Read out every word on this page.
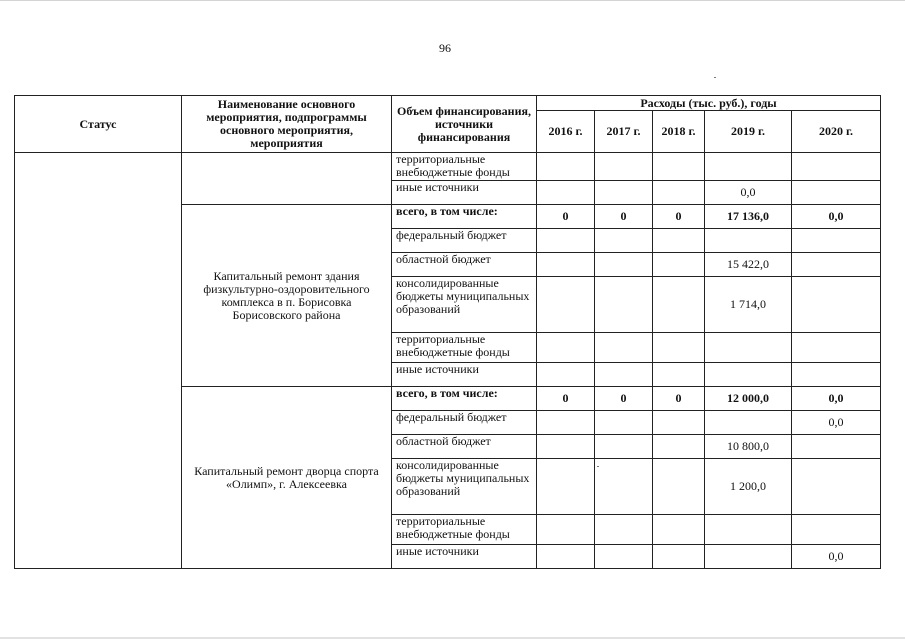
96
Статус	Наименование основного мероприятия, подпрограммы основного мероприятия, мероприятия	Объем финансирования, источники финансирования	Расходы (тыс. руб.), годы				
			2016 г.	2017 г.	2018 г.	2019 г.	2020 г.
		территориальные внебюджетные фонды					
		иные источники				0,0	
	Капитальный ремонт здания физкультурно-оздоровительного комплекса в п. Борисовка Борисовского района	всего, в том числе:	0	0	0	17 136,0	0,0
		федеральный бюджет					
		областной бюджет				15 422,0	
		консолидированные бюджеты муниципальных образований				1 714,0	
		территориальные внебюджетные фонды					
		иные источники					
	Капитальный ремонт дворца спорта «Олимп», г. Алексеевка	всего, в том числе:	0	0	0	12 000,0	0,0
		федеральный бюджет					0,0
		областной бюджет				10 800,0	
		консолидированные бюджеты муниципальных образований				1 200,0	
		территориальные внебюджетные фонды					
		иные источники					0,0
